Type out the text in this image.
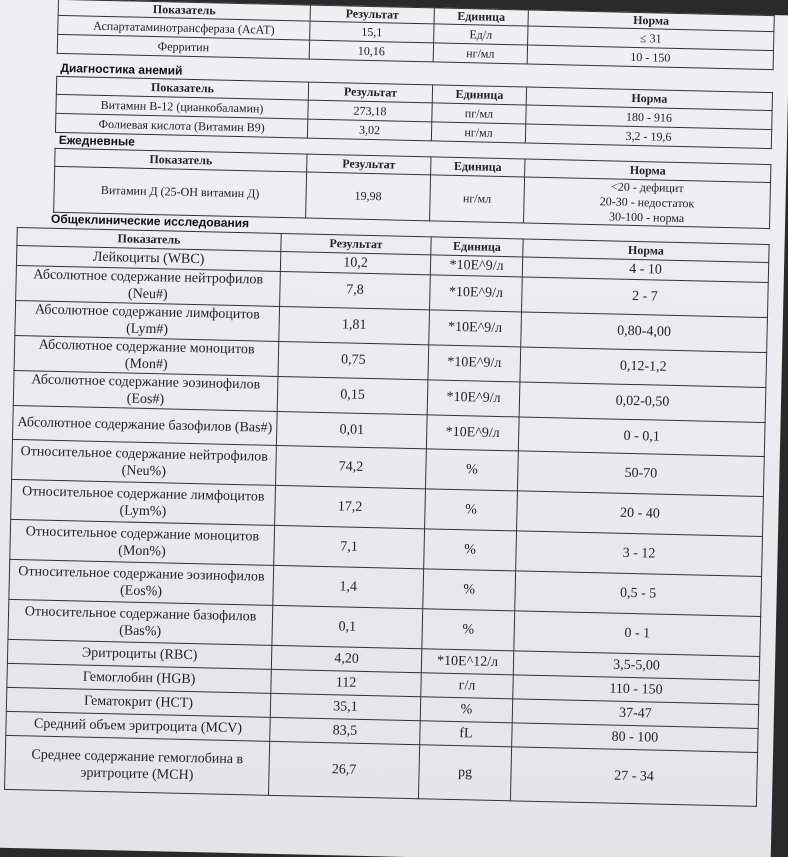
Показатель	Результат	Единица	Норма
Аспартатаминотрансфераза (АсАТ)	15,1	Ед/л	≤ 31
Ферритин	10,16	нг/мл	10 - 150
Диагностика анемий
Показатель	Результат	Единица	Норма
Витамин В-12 (цианкобаламин)	273,18	пг/мл	180 - 916
Фолиевая кислота (Витамин В9)	3,02	нг/мл	3,2 - 19,6
Ежедневные
Показатель	Результат	Единица	Норма
Витамин Д (25-ОН витамин Д)	19,98	нг/мл	<20 - дефицит
20-30 - недостаток
30-100 - норма
Общеклинические исследования
Показатель	Результат	Единица	Норма
Лейкоциты (WBC)	10,2	*10E^9/л	4 - 10
Абсолютное содержание нейтрофилов (Neu#)	7,8	*10E^9/л	2 - 7
Абсолютное содержание лимфоцитов (Lym#)	1,81	*10E^9/л	0,80-4,00
Абсолютное содержание моноцитов (Mon#)	0,75	*10E^9/л	0,12-1,2
Абсолютное содержание эозинофилов (Eos#)	0,15	*10E^9/л	0,02-0,50
Абсолютное содержание базофилов (Bas#)	0,01	*10E^9/л	0 - 0,1
Относительное содержание нейтрофилов (Neu%)	74,2	%	50-70
Относительное содержание лимфоцитов (Lym%)	17,2	%	20 - 40
Относительное содержание моноцитов (Mon%)	7,1	%	3 - 12
Относительное содержание эозинофилов (Eos%)	1,4	%	0,5 - 5
Относительное содержание базофилов (Bas%)	0,1	%	0 - 1
Эритроциты (RBC)	4,20	*10E^12/л	3,5-5,00
Гемоглобин (HGB)	112	г/л	110 - 150
Гематокрит (HCT)	35,1	%	37-47
Средний объем эритроцита (MCV)	83,5	fL	80 - 100
Среднее содержание гемоглобина в эритроците (MCH)	26,7	pg	27 - 34
